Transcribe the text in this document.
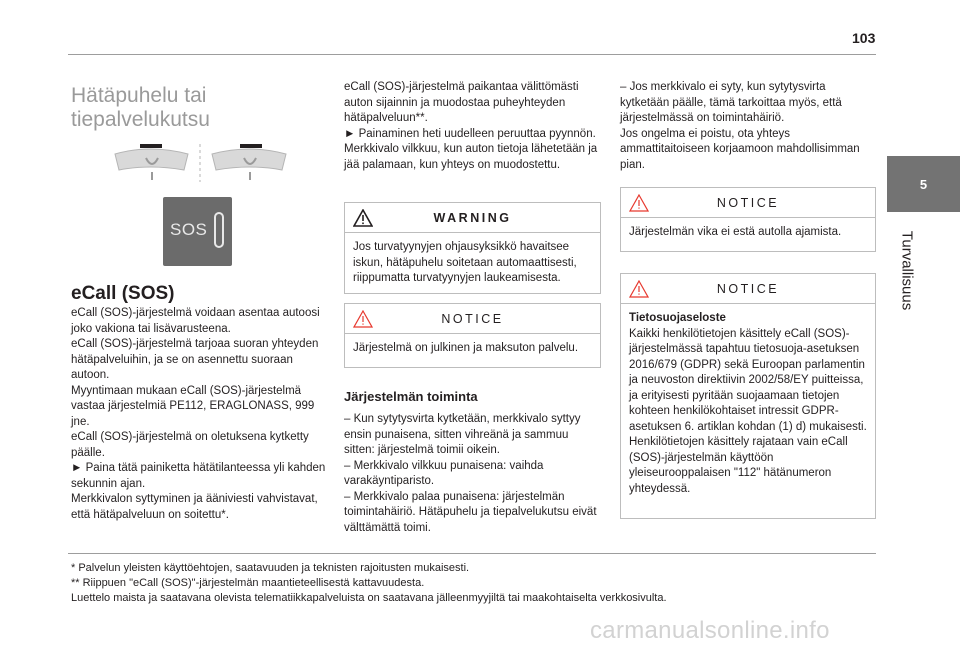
103
5
Turvallisuus
Hätäpuhelu tai tiepalvelukutsu
SOS
eCall (SOS)
eCall (SOS)-järjestelmä voidaan asentaa autoosi joko vakiona tai lisävarusteena.
eCall (SOS)-järjestelmä tarjoaa suoran yhteyden hätäpalveluihin, ja se on asennettu suoraan autoon.
Myyntimaan mukaan eCall (SOS)-järjestelmä vastaa järjestelmiä PE112, ERAGLONASS, 999 jne.
eCall (SOS)-järjestelmä on oletuksena kytketty päälle.
► Paina tätä painiketta hätätilanteessa yli kahden sekunnin ajan.
Merkkivalon syttyminen ja ääniviesti vahvistavat, että hätäpalveluun on soitettu*.
eCall (SOS)-järjestelmä paikantaa välittömästi auton sijainnin ja muodostaa puheyhteyden hätäpalveluun**.
► Painaminen heti uudelleen peruuttaa pyynnön.
Merkkivalo vilkkuu, kun auton tietoja lähetetään ja jää palamaan, kun yhteys on muodostettu.
WARNING
Jos turvatyynyjen ohjausyksikkö havaitsee iskun, hätäpuhelu soitetaan automaattisesti, riippumatta turvatyynyjen laukeamisesta.
NOTICE
Järjestelmä on julkinen ja maksuton palvelu.
Järjestelmän toiminta
– Kun sytytysvirta kytketään, merkkivalo syttyy ensin punaisena, sitten vihreänä ja sammuu sitten: järjestelmä toimii oikein.
– Merkkivalo vilkkuu punaisena: vaihda varakäyntiparisto.
– Merkkivalo palaa punaisena: järjestelmän toimintahäiriö. Hätäpuhelu ja tiepalvelukutsu eivät välttämättä toimi.
– Jos merkkivalo ei syty, kun sytytysvirta kytketään päälle, tämä tarkoittaa myös, että järjestelmässä on toimintahäiriö.
Jos ongelma ei poistu, ota yhteys ammattitaitoiseen korjaamoon mahdollisimman pian.
NOTICE
Järjestelmän vika ei estä autolla ajamista.
NOTICE
Tietosuojaseloste
Kaikki henkilötietojen käsittely eCall (SOS)-järjestelmässä tapahtuu tietosuoja-asetuksen 2016/679 (GDPR) sekä Euroopan parlamentin ja neuvoston direktiivin 2002/58/EY puitteissa, ja erityisesti pyritään suojaamaan tietojen kohteen henkilökohtaiset intressit GDPR-asetuksen 6. artiklan kohdan (1) d) mukaisesti.
Henkilötietojen käsittely rajataan vain eCall (SOS)-järjestelmän käyttöön yleiseurooppalaisen "112" hätänumeron yhteydessä.
* Palvelun yleisten käyttöehtojen, saatavuuden ja teknisten rajoitusten mukaisesti.
** Riippuen "eCall (SOS)"-järjestelmän maantieteellisestä kattavuudesta.
Luettelo maista ja saatavana olevista telematiikkapalveluista on saatavana jälleenmyyjiltä tai maakohtaiselta verkkosivulta.
carmanualsonline.info
